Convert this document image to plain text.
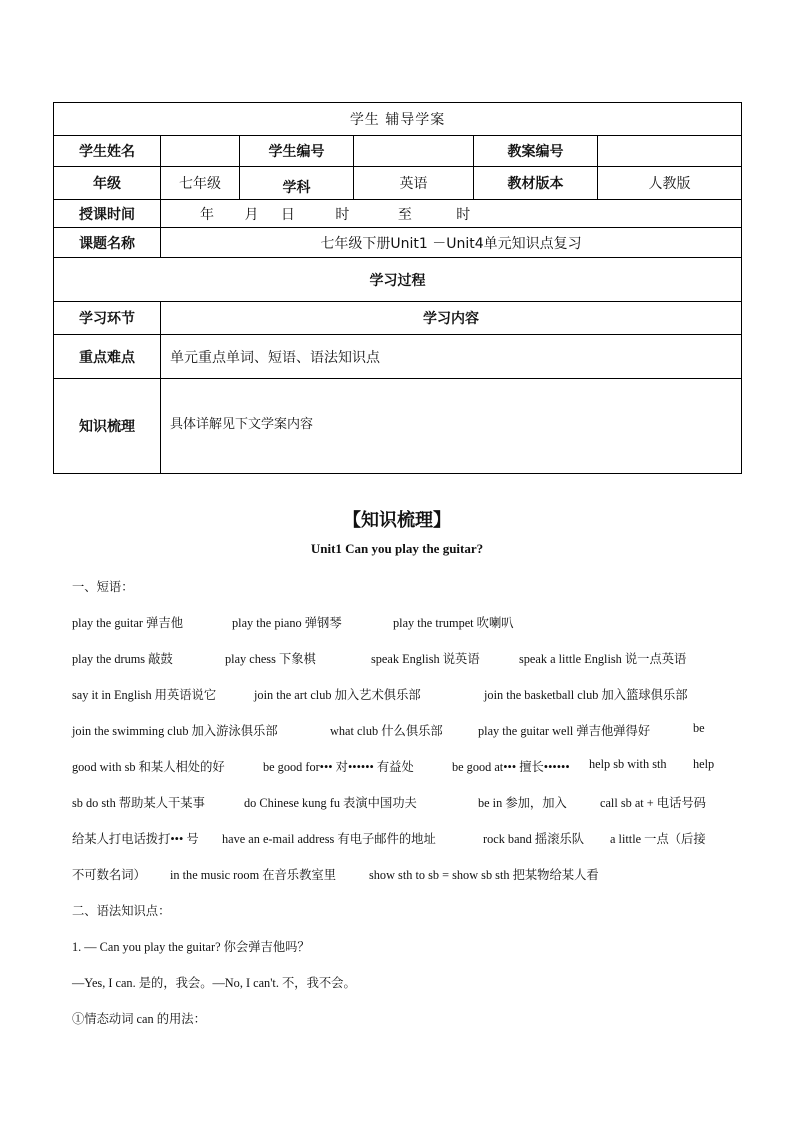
学生 辅导学案					
学生姓名		学生编号		教案编号	
年级	七年级	学科	英语	教材版本	人教版
授课时间	年 月 日 时 至 时				
课题名称	七年级下册Unit1 －Unit4单元知识点复习				
学习过程					
学习环节	学习内容				
重点难点	单元重点单词、短语、语法知识点				
知识梳理	具体详解见下文学案内容				
【知识梳理】
Unit1 Can you play the guitar?
一、短语：
play the guitar 弹吉他	play the piano 弹钢琴	play the trumpet 吹喇叭
play the drums 敲鼓	play chess 下象棋	speak English 说英语	speak a little English 说一点英语
say it in English 用英语说它	join the art club 加入艺术俱乐部	join the basketball club 加入篮球俱乐部
join the swimming club 加入游泳俱乐部	what club 什么俱乐部	play the guitar well 弹吉他弹得好	be
good with sb 和某人相处的好	be good for••• 对•••••• 有益处	be good at••• 擅长•••••• help sb with sth help
sb do sth 帮助某人干某事	do Chinese kung fu 表演中国功夫	be in 参加，加入	call sb at + 电话号码
给某人打电话拨打••• 号 have an e-mail address 有电子邮件的地址	rock band 摇滚乐队 a little 一点（后接
不可数名词） in the music room 在音乐教室里	show sth to sb = show sb sth 把某物给某人看
二、语法知识点：
1. — Can you play the guitar? 你会弹吉他吗？
—Yes, I can. 是的，我会。—No, I can't. 不，我不会。
①情态动词 can 的用法：
